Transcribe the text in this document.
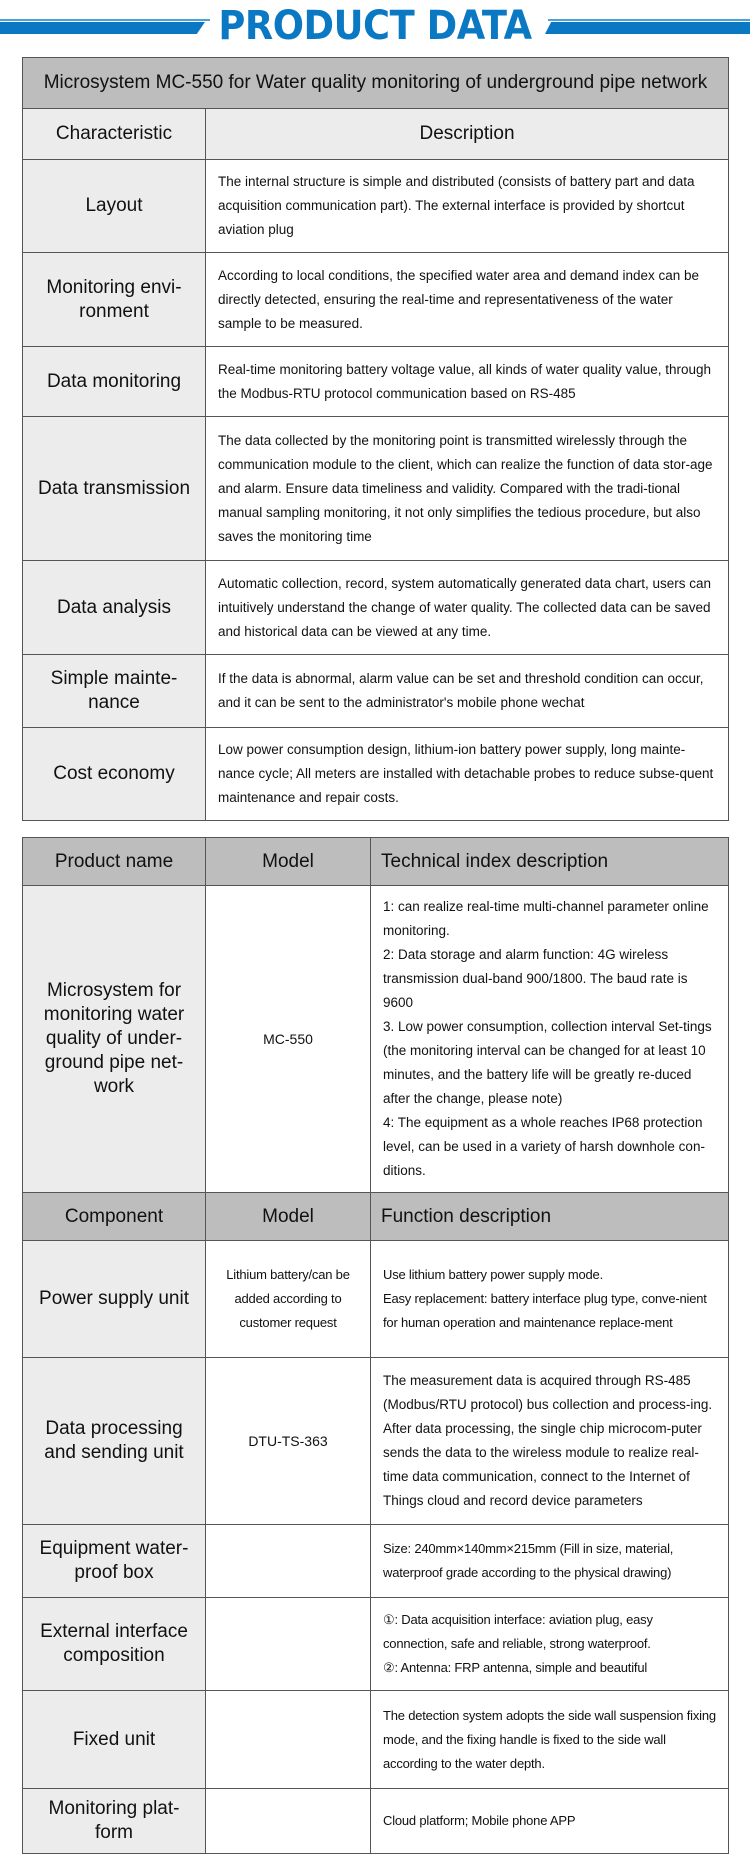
PRODUCT DATA
Microsystem MC-550 for Water quality monitoring of underground pipe network	
Characteristic	Description
Layout	The internal structure is simple and distributed (consists of battery part and data acquisition communication part). The external interface is provided by shortcut aviation plug
Monitoring envi-ronment	According to local conditions, the specified water area and demand index can be directly detected, ensuring the real-time and representativeness of the water sample to be measured.
Data monitoring	Real-time monitoring battery voltage value, all kinds of water quality value, through the Modbus-RTU protocol communication based on RS-485
Data transmission	The data collected by the monitoring point is transmitted wirelessly through the communication module to the client, which can realize the function of data stor-age and alarm. Ensure data timeliness and validity. Compared with the tradi-tional manual sampling monitoring, it not only simplifies the tedious procedure, but also saves the monitoring time
Data analysis	Automatic collection, record, system automatically generated data chart, users can intuitively understand the change of water quality. The collected data can be saved and historical data can be viewed at any time.
Simple mainte-nance	If the data is abnormal, alarm value can be set and threshold condition can occur, and it can be sent to the administrator's mobile phone wechat
Cost economy	Low power consumption design, lithium-ion battery power supply, long mainte-nance cycle; All meters are installed with detachable probes to reduce subse-quent maintenance and repair costs.
Product name	Model	Technical index description
Microsystem for monitoring water quality of under-ground pipe net-work	MC-550	1: can realize real-time multi-channel parameter online monitoring.
2: Data storage and alarm function: 4G wireless transmission dual-band 900/1800. The baud rate is 9600
3. Low power consumption, collection interval Set-tings (the monitoring interval can be changed for at least 10 minutes, and the battery life will be greatly re-duced after the change, please note)
4: The equipment as a whole reaches IP68 protection level, can be used in a variety of harsh downhole con-ditions.

Component	Model	Function description
Power supply unit	Lithium battery/can be added according to customer request	Use lithium battery power supply mode.
Easy replacement: battery interface plug type, conve-nient for human operation and maintenance replace-ment

Data processing and sending unit	DTU-TS-363	The measurement data is acquired through RS-485 (Modbus/RTU protocol) bus collection and process-ing. After data processing, the single chip microcom-puter sends the data to the wireless module to realize real-time data communication, connect to the Internet of Things cloud and record device parameters

Equipment water-proof box		Size: 240mm×140mm×215mm (Fill in size, material, waterproof grade according to the physical drawing)

External interface composition		①: Data acquisition interface: aviation plug, easy connection, safe and reliable, strong waterproof.
②: Antenna: FRP antenna, simple and beautiful

Fixed unit		The detection system adopts the side wall suspension fixing mode, and the fixing handle is fixed to the side wall according to the water depth.

Monitoring plat-form		Cloud platform; Mobile phone APP
